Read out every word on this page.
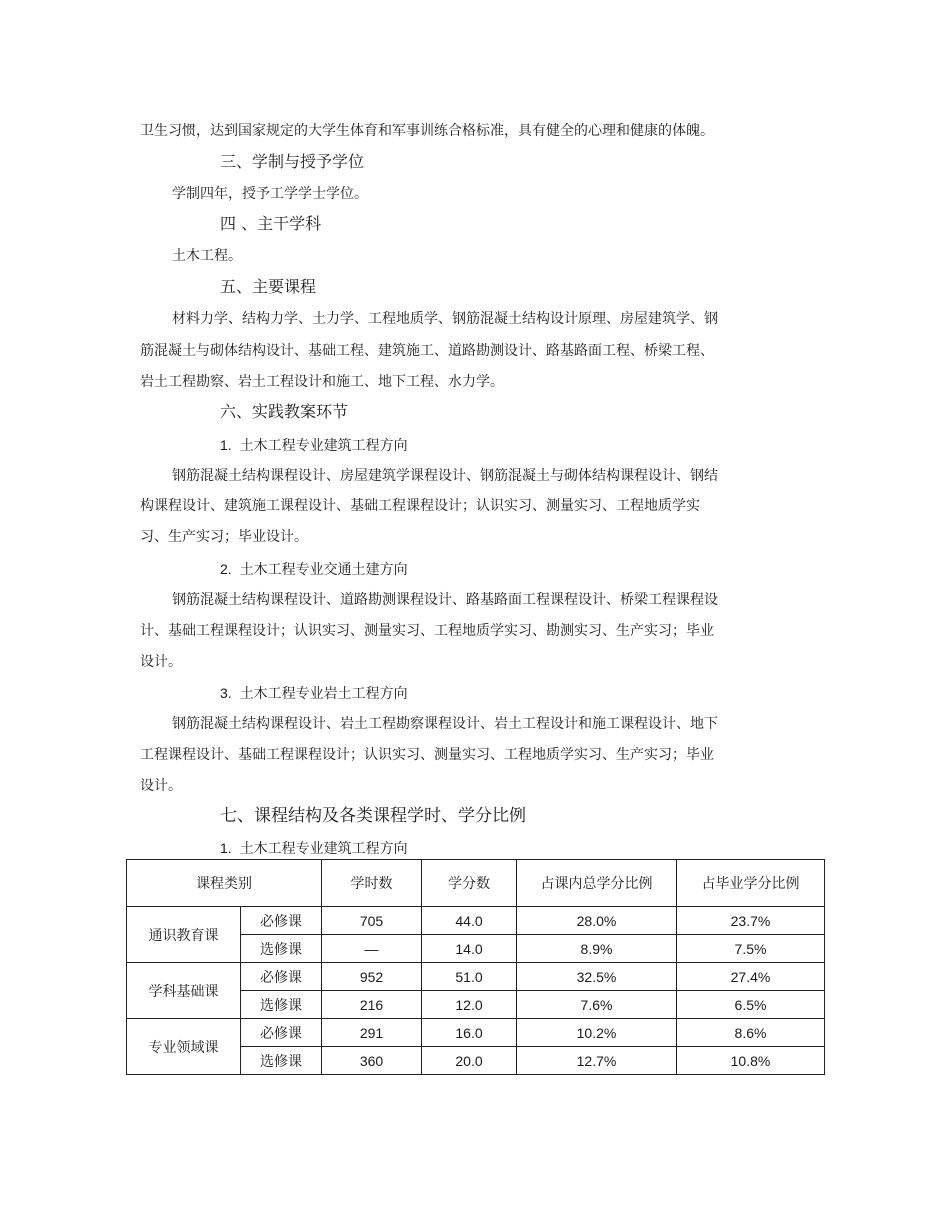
卫生习惯，达到国家规定的大学生体育和军事训练合格标准，具有健全的心理和健康的体魄。
三、学制与授予学位
学制四年，授予工学学士学位。
四 、主干学科
土木工程。
五、主要课程
材料力学、结构力学、土力学、工程地质学、钢筋混凝土结构设计原理、房屋建筑学、钢
筋混凝土与砌体结构设计、基础工程、建筑施工、道路勘测设计、路基路面工程、桥梁工程、
岩土工程勘察、岩土工程设计和施工、地下工程、水力学。
六、实践教案环节
1. 土木工程专业建筑工程方向
钢筋混凝土结构课程设计、房屋建筑学课程设计、钢筋混凝土与砌体结构课程设计、钢结
构课程设计、建筑施工课程设计、基础工程课程设计；认识实习、测量实习、工程地质学实
习、生产实习；毕业设计。
2. 土木工程专业交通土建方向
钢筋混凝土结构课程设计、道路勘测课程设计、路基路面工程课程设计、桥梁工程课程设
计、基础工程课程设计；认识实习、测量实习、工程地质学实习、勘测实习、生产实习；毕业
设计。
3. 土木工程专业岩土工程方向
钢筋混凝土结构课程设计、岩土工程勘察课程设计、岩土工程设计和施工课程设计、地下
工程课程设计、基础工程课程设计；认识实习、测量实习、工程地质学实习、生产实习；毕业
设计。
七、课程结构及各类课程学时、学分比例
1. 土木工程专业建筑工程方向
课程类别		学时数	学分数	占课内总学分比例	占毕业学分比例
通识教育课	必修课	705	44.0	28.0%	23.7%
	选修课	—	14.0	8.9%	7.5%
学科基础课	必修课	952	51.0	32.5%	27.4%
	选修课	216	12.0	7.6%	6.5%
专业领域课	必修课	291	16.0	10.2%	8.6%
	选修课	360	20.0	12.7%	10.8%
